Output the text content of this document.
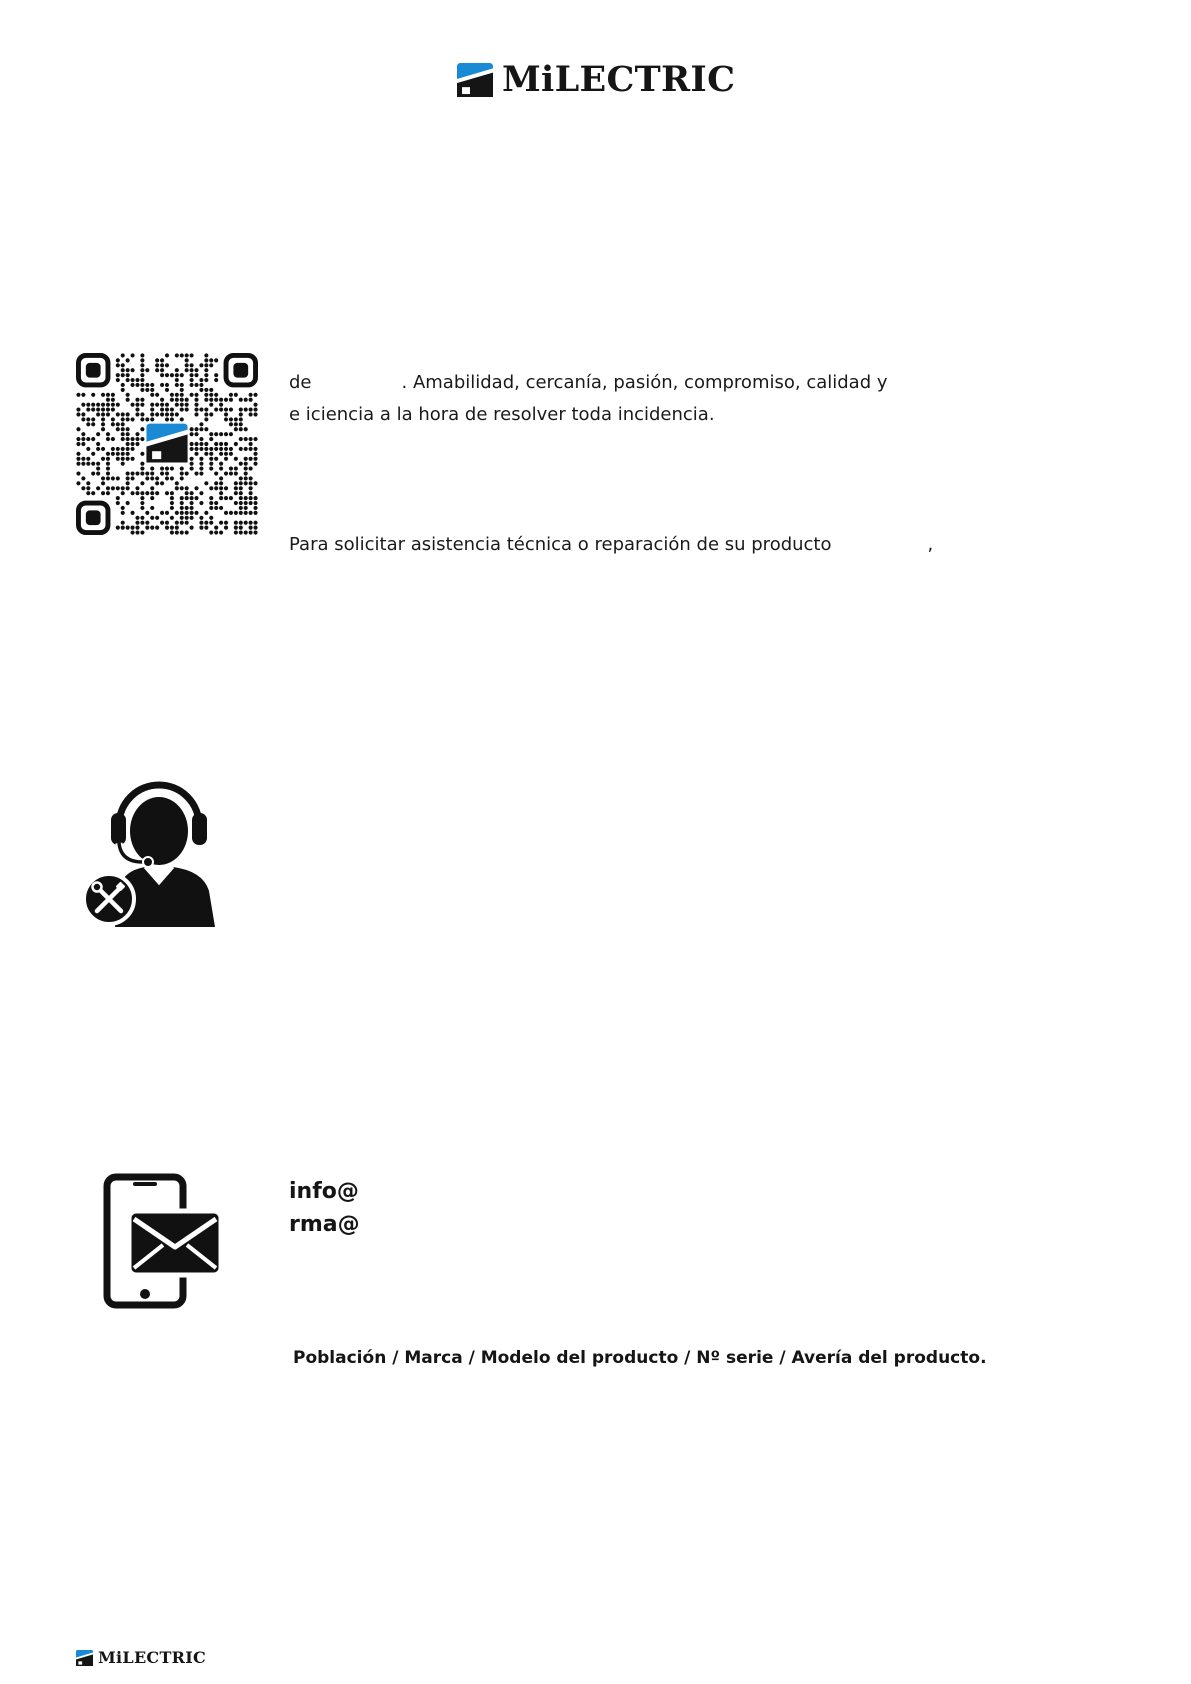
MiLECTRIC
de	. Amabilidad, cercanía, pasión, compromiso, calidad y
e iciencia a la hora de resolver toda incidencia.
Para solicitar asistencia técnica o reparación de su producto	,
info@
rma@
Población / Marca / Modelo del producto / Nº serie / Avería del producto.
MiLECTRIC
